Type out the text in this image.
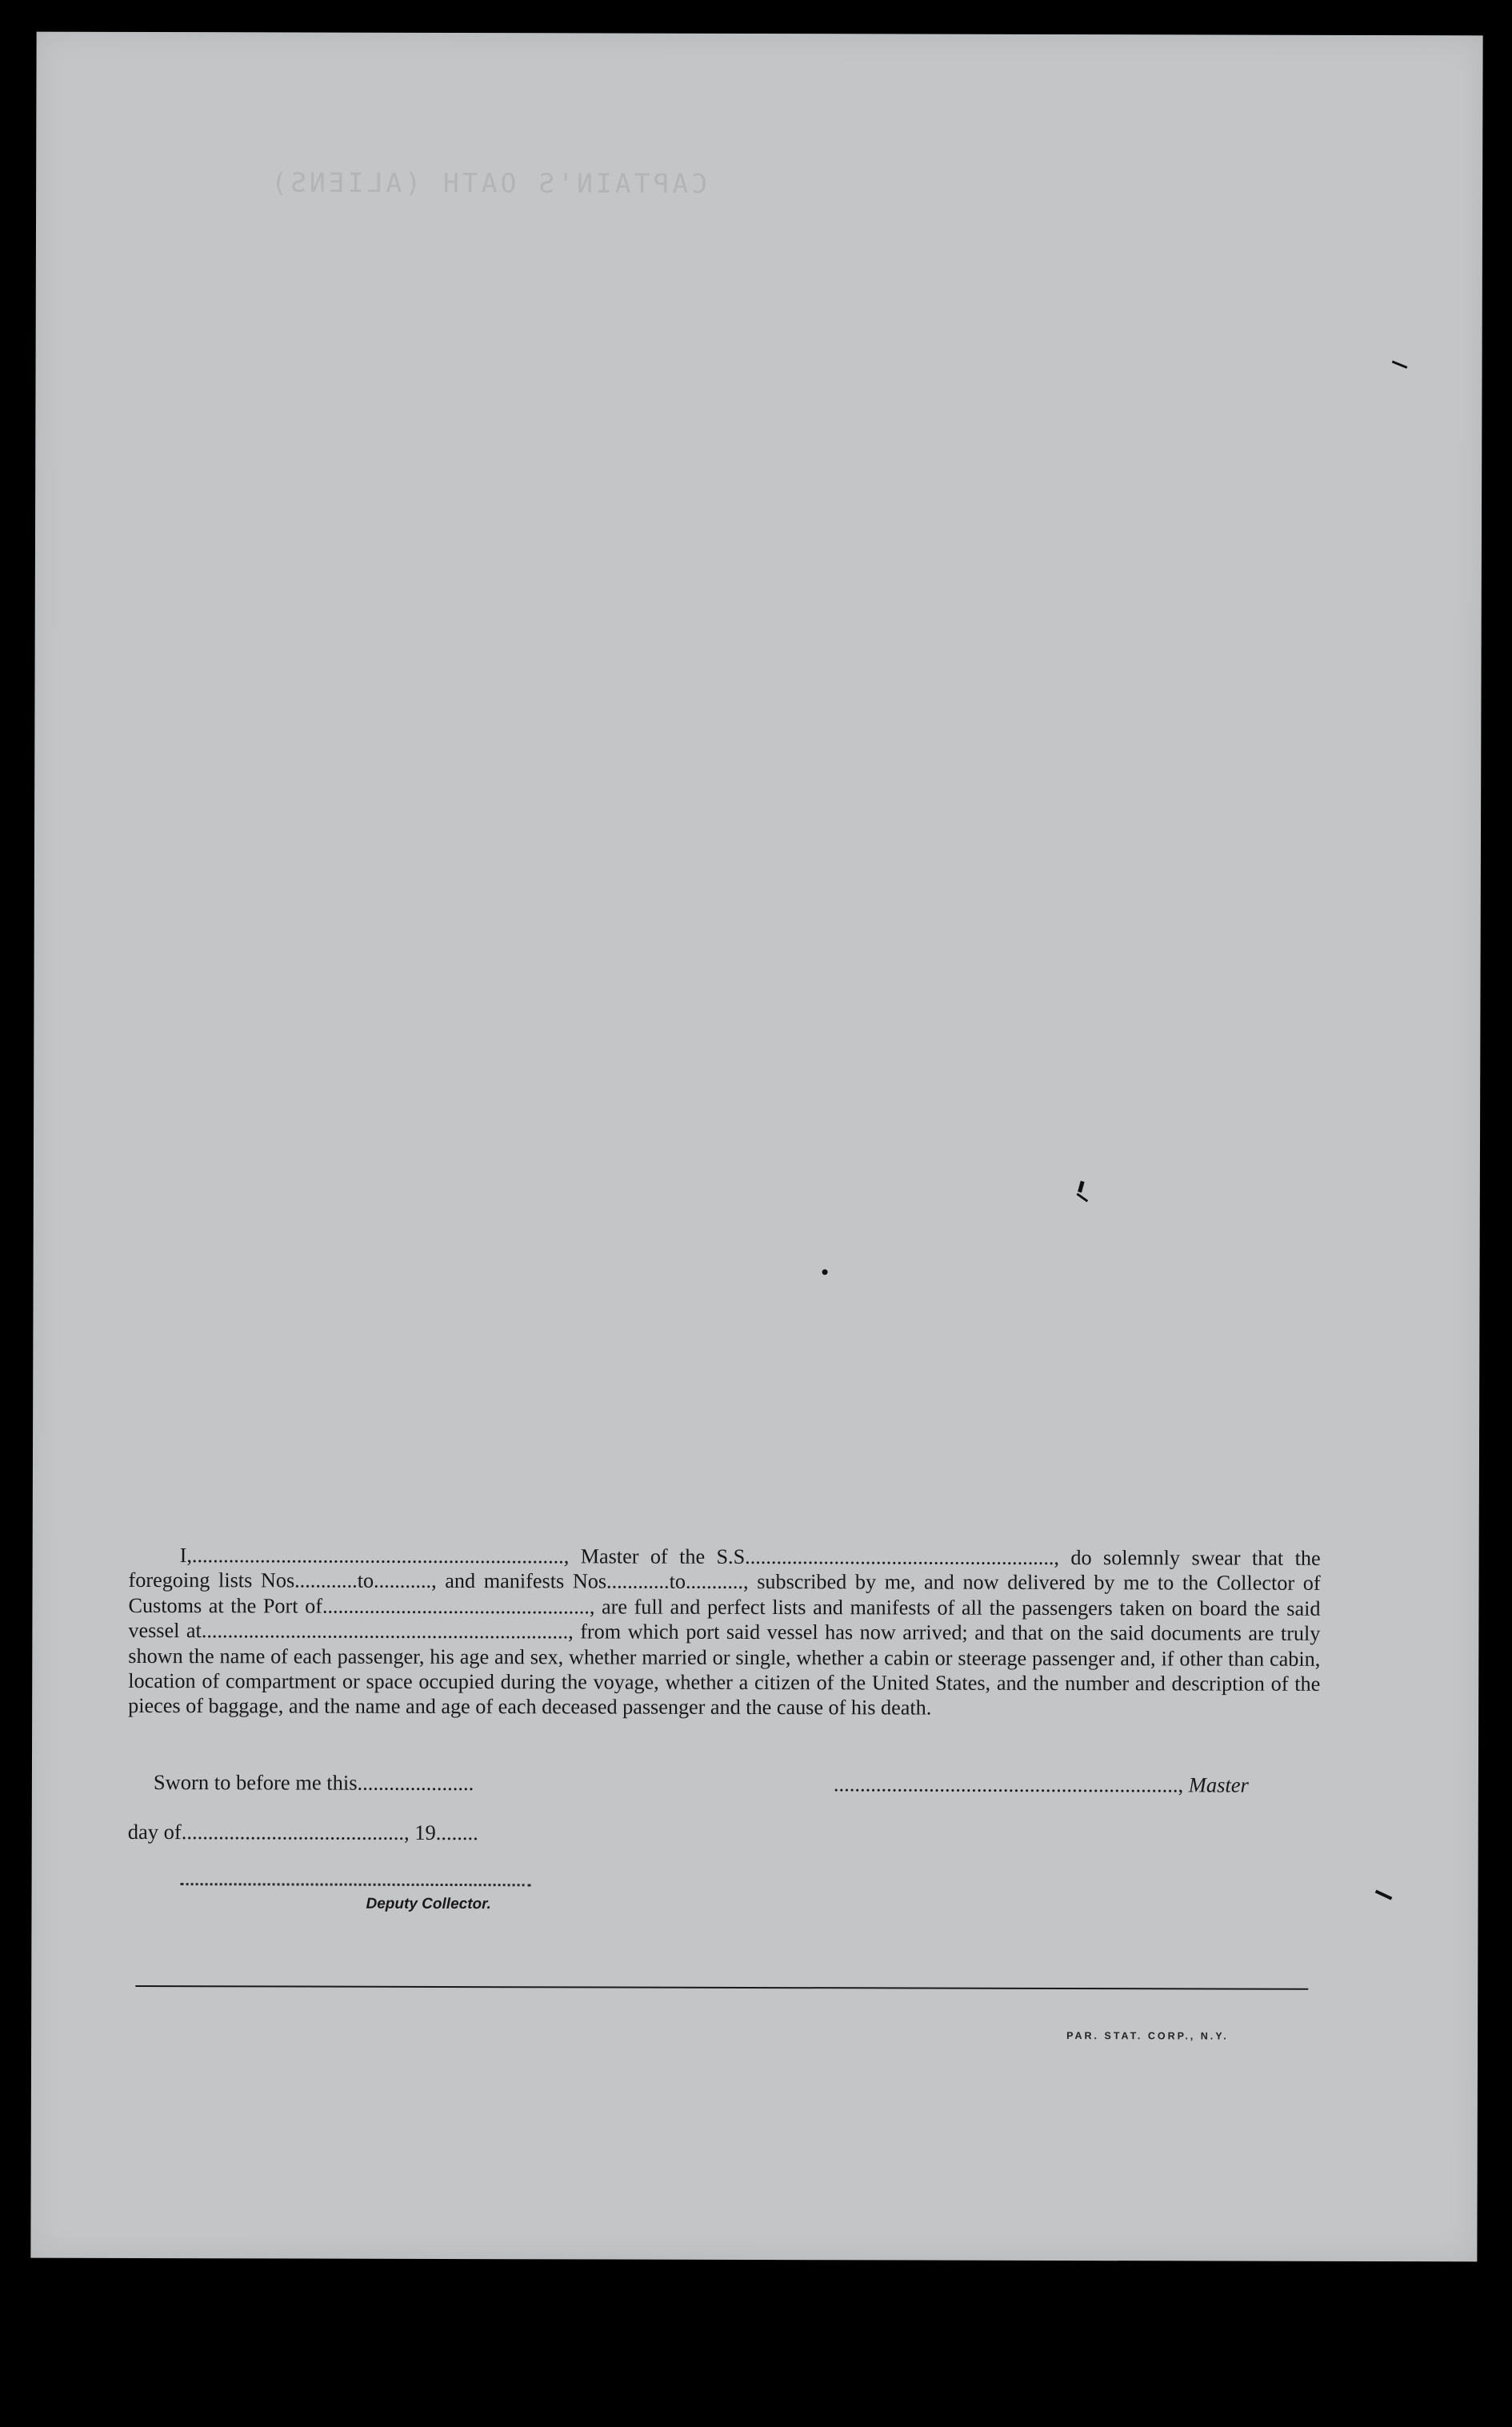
CAPTAIN'S OATH (ALIENS)

I,......................................................................., Master of the S.S..........................................................., do solemnly swear that the foregoing lists Nos............to..........., and manifests Nos............to..........., subscribed by me, and now delivered by me to the Collector of Customs at the Port of..................................................., are full and perfect lists and manifests of all the passengers taken on board the said vessel at......................................................................, from which port said vessel has now arrived; and that on the said documents are truly shown the name of each passenger, his age and sex, whether married or single, whether a cabin or steerage passenger and, if other than cabin, location of compartment or space occupied during the voyage, whether a citizen of the United States, and the number and description of the pieces of baggage, and the name and age of each deceased passenger and the cause of his death.

Sworn to before me this......................	................................................................., Master
day of.........................................., 19........
Deputy Collector.
PAR. STAT. CORP., N.Y.
